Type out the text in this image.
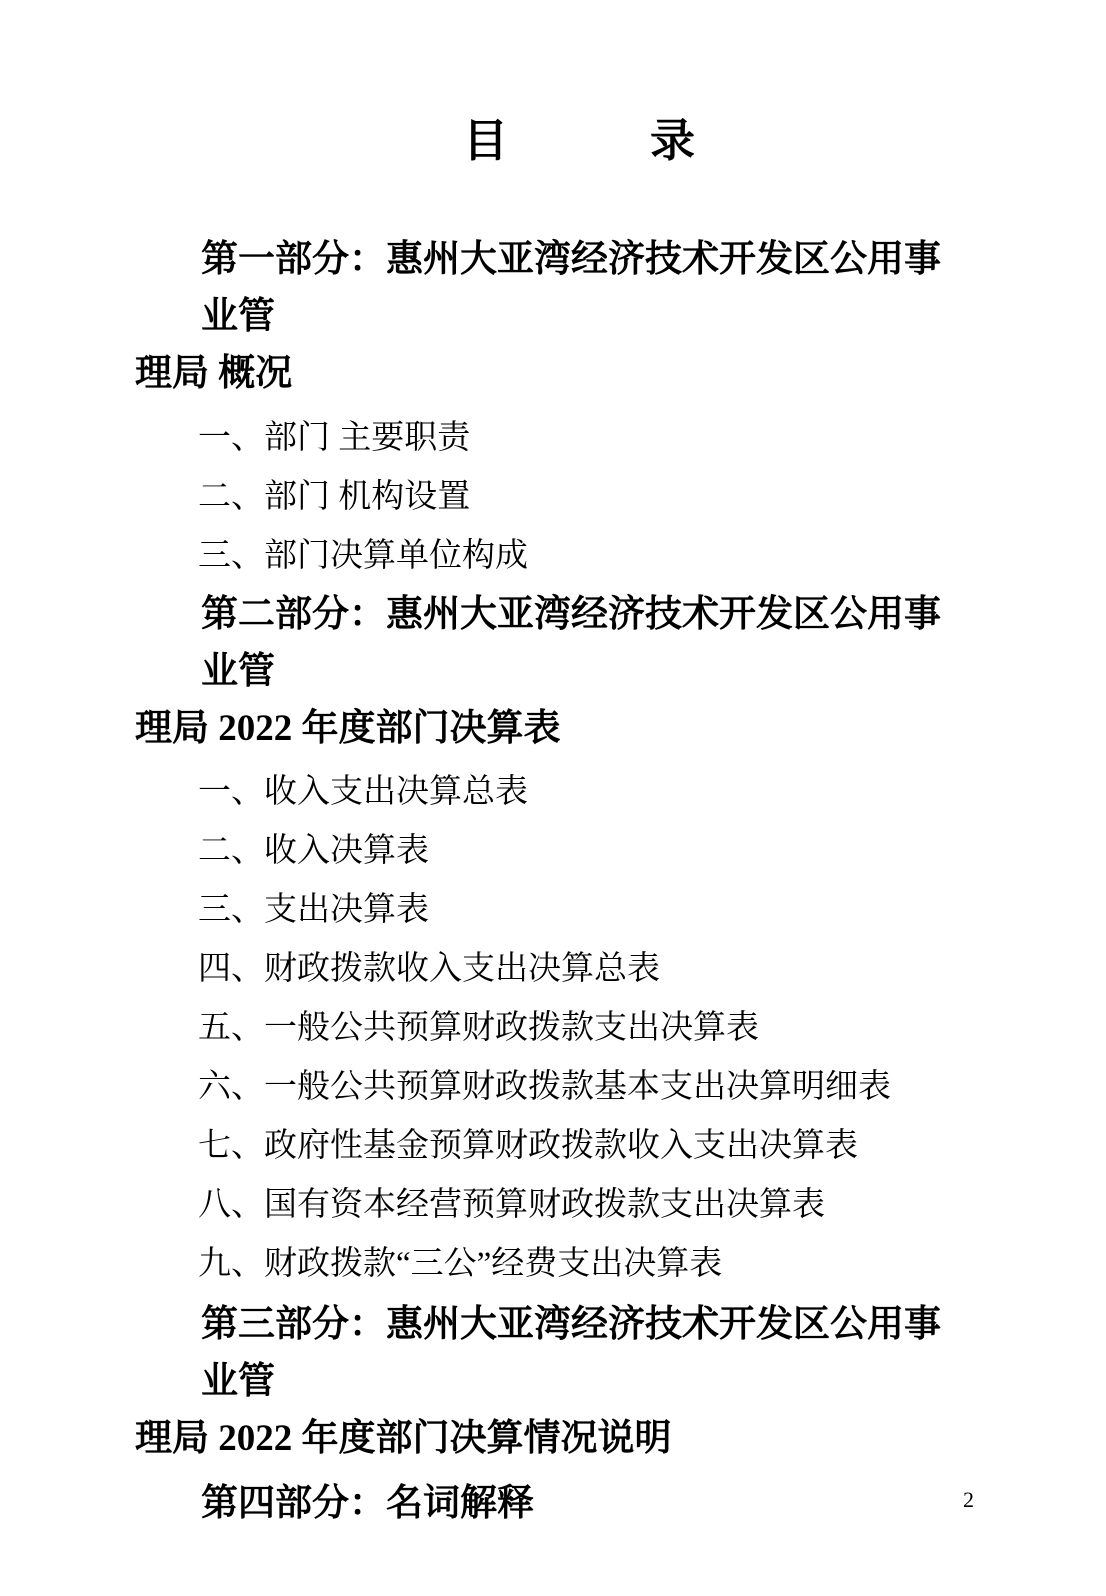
目	录
第一部分：惠州大亚湾经济技术开发区公用事业管
理局 概况
一、部门 主要职责
二、部门 机构设置
三、部门决算单位构成
第二部分：惠州大亚湾经济技术开发区公用事业管
理局 2022 年度部门决算表
一、收入支出决算总表
二、收入决算表
三、支出决算表
四、财政拨款收入支出决算总表
五、一般公共预算财政拨款支出决算表
六、一般公共预算财政拨款基本支出决算明细表
七、政府性基金预算财政拨款收入支出决算表
八、国有资本经营预算财政拨款支出决算表
九、财政拨款“三公”经费支出决算表
第三部分：惠州大亚湾经济技术开发区公用事业管
理局 2022 年度部门决算情况说明
第四部分：名词解释	2
